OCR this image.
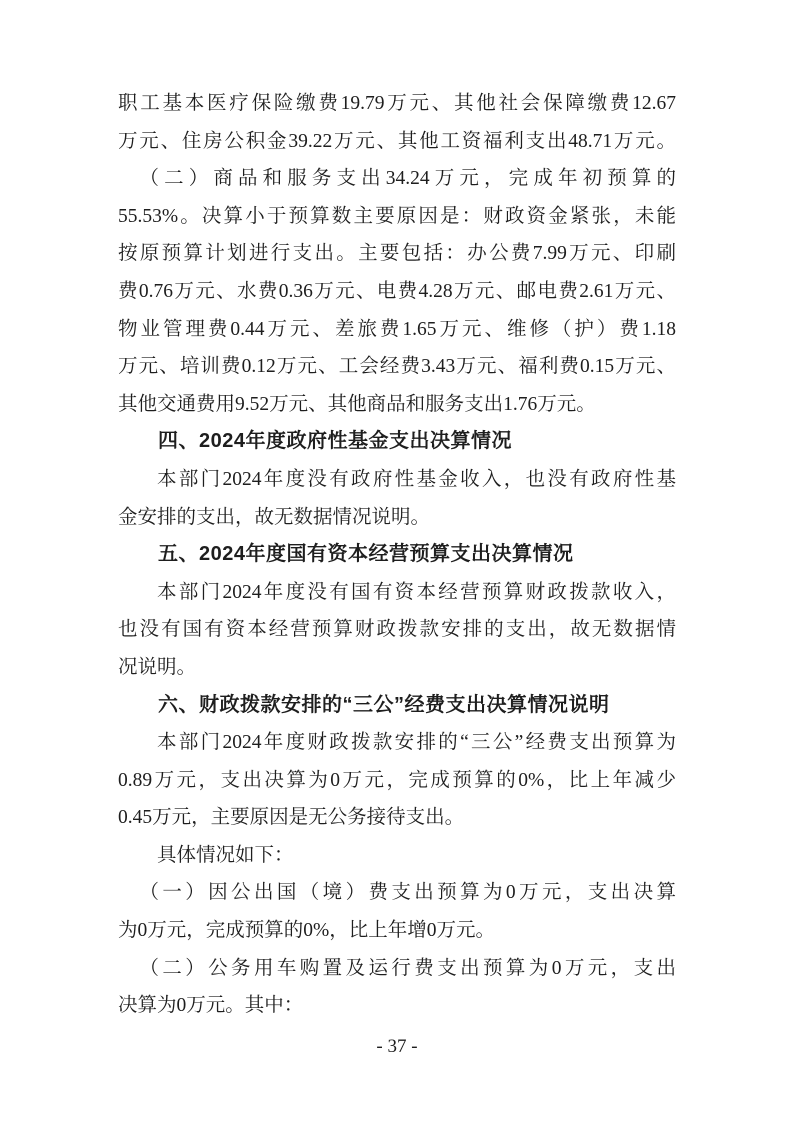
职工基本医疗保险缴费19.79万元、其他社会保障缴费12.67
万元、住房公积金39.22万元、其他工资福利支出48.71万元。
（二）商品和服务支出34.24万元，完成年初预算的
55.53%。决算小于预算数主要原因是：财政资金紧张，未能
按原预算计划进行支出。主要包括：办公费7.99万元、印刷
费0.76万元、水费0.36万元、电费4.28万元、邮电费2.61万元、
物业管理费0.44万元、差旅费1.65万元、维修（护）费1.18
万元、培训费0.12万元、工会经费3.43万元、福利费0.15万元、
其他交通费用9.52万元、其他商品和服务支出1.76万元。
四、2024年度政府性基金支出决算情况
本部门2024年度没有政府性基金收入，也没有政府性基
金安排的支出，故无数据情况说明。
五、2024年度国有资本经营预算支出决算情况
本部门2024年度没有国有资本经营预算财政拨款收入，
也没有国有资本经营预算财政拨款安排的支出，故无数据情
况说明。
六、财政拨款安排的“三公”经费支出决算情况说明
本部门2024年度财政拨款安排的“三公”经费支出预算为
0.89万元，支出决算为0万元，完成预算的0%，比上年减少
0.45万元，主要原因是无公务接待支出。
具体情况如下：
（一）因公出国（境）费支出预算为0万元，支出决算
为0万元，完成预算的0%，比上年增0万元。
（二）公务用车购置及运行费支出预算为0万元，支出
决算为0万元。其中：
- 37 -
